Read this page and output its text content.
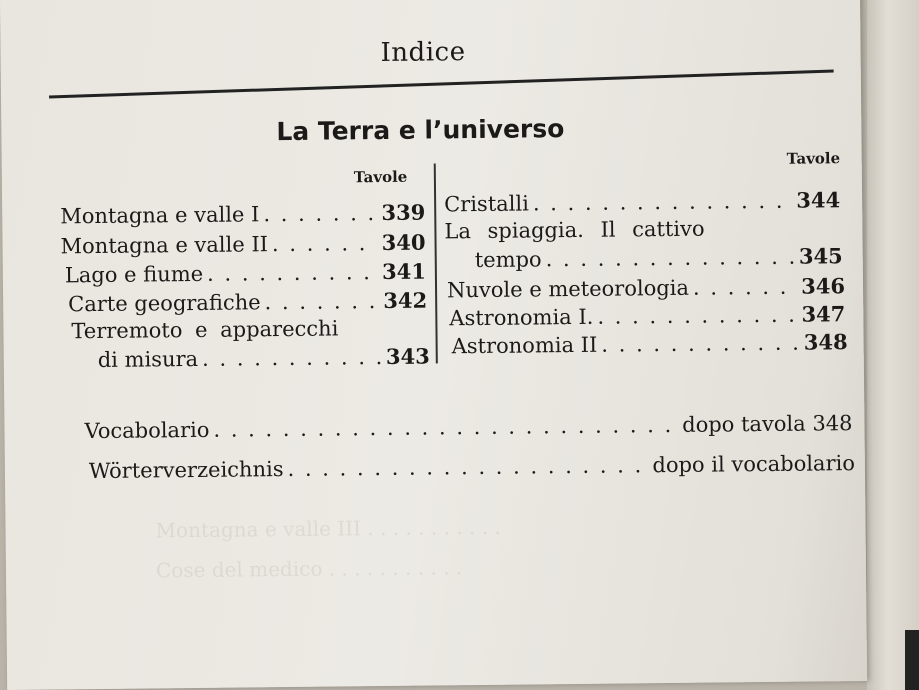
Montagna e valle III . . . . . . . . . . .
Cose del medico . . . . . . . . . . .
Indice
La Terra e l’universo
Tavole
Tavole
Montagna e valle I . . .	339
Montagna e valle II . . .	340
Lago e fiume . . .	341
Carte geografiche . . .	342
Terremoto e apparecchi
di misura . . .	343
Cristalli . . .	344
La spiaggia. Il cattivo
tempo . . .	345
Nuvole e meteorologia . . .	346
Astronomia I. . . .	347
Astronomia II . . .	348
Vocabolario . . .	dopo tavola 348
Wörterverzeichnis . . .	dopo il vocabolario
